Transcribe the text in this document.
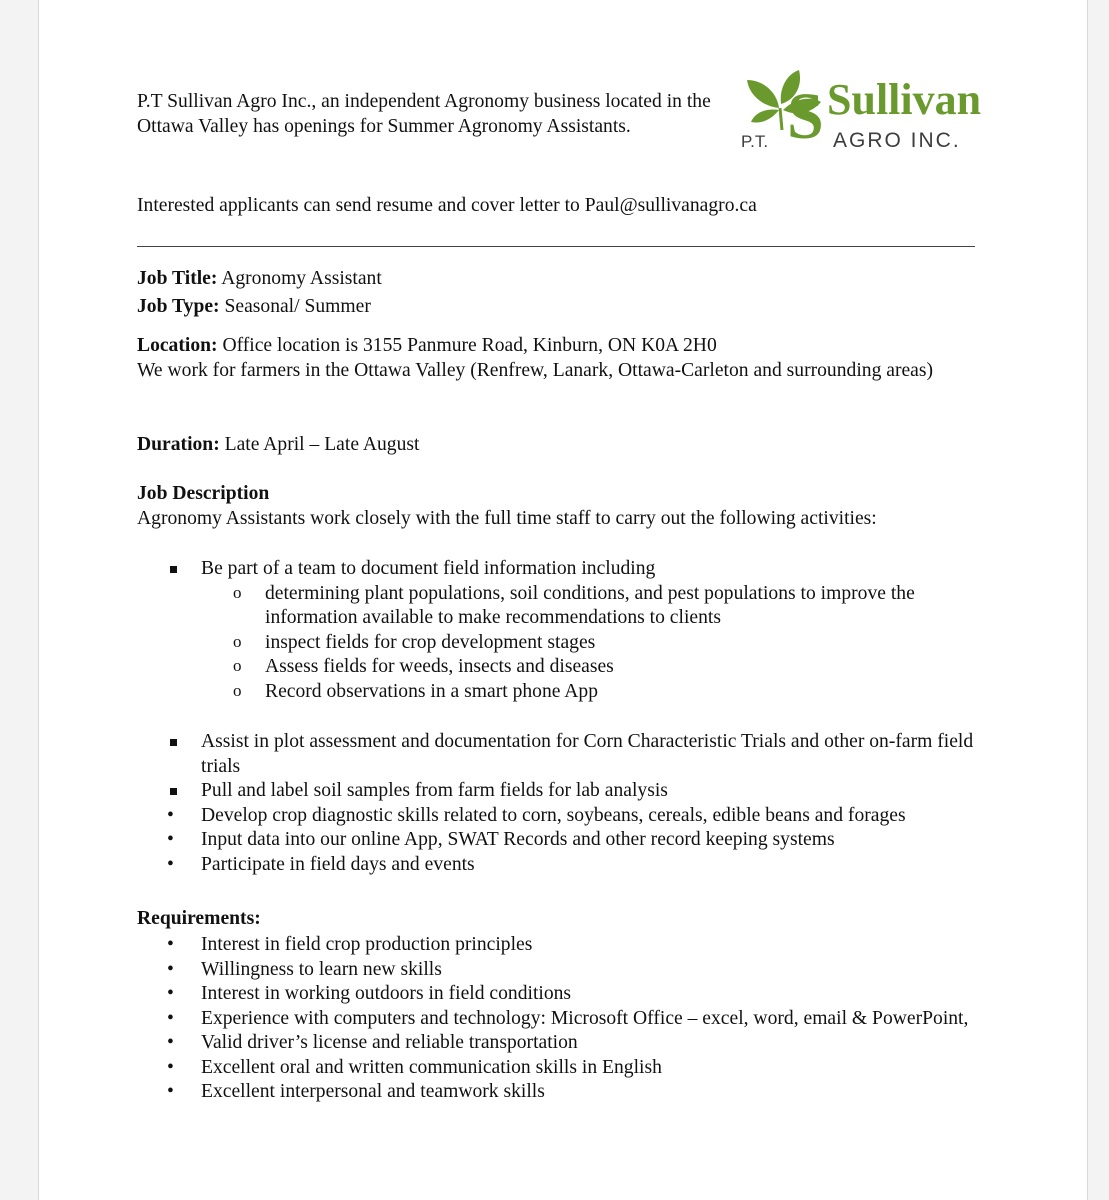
P.T Sullivan Agro Inc., an independent Agronomy business located in the Ottawa Valley has openings for Summer Agronomy Assistants.	S Sullivan
P.T.	AGRO INC.
Interested applicants can send resume and cover letter to Paul@sullivanagro.ca
Job Title: Agronomy Assistant
Job Type: Seasonal/ Summer
Location: Office location is 3155 Panmure Road, Kinburn, ON K0A 2H0
We work for farmers in the Ottawa Valley (Renfrew, Lanark, Ottawa-Carleton and surrounding areas)
Duration: Late April – Late August
Job Description
Agronomy Assistants work closely with the full time staff to carry out the following activities:
Be part of a team to document field information including
o determining plant populations, soil conditions, and pest populations to improve the information available to make recommendations to clients
o inspect fields for crop development stages
o Assess fields for weeds, insects and diseases
o Record observations in a smart phone App
Assist in plot assessment and documentation for Corn Characteristic Trials and other on-farm field trials
Pull and label soil samples from farm fields for lab analysis
• Develop crop diagnostic skills related to corn, soybeans, cereals, edible beans and forages
• Input data into our online App, SWAT Records and other record keeping systems
• Participate in field days and events
Requirements:
• Interest in field crop production principles
• Willingness to learn new skills
• Interest in working outdoors in field conditions
• Experience with computers and technology: Microsoft Office – excel, word, email & PowerPoint,
• Valid driver’s license and reliable transportation
• Excellent oral and written communication skills in English
• Excellent interpersonal and teamwork skills
